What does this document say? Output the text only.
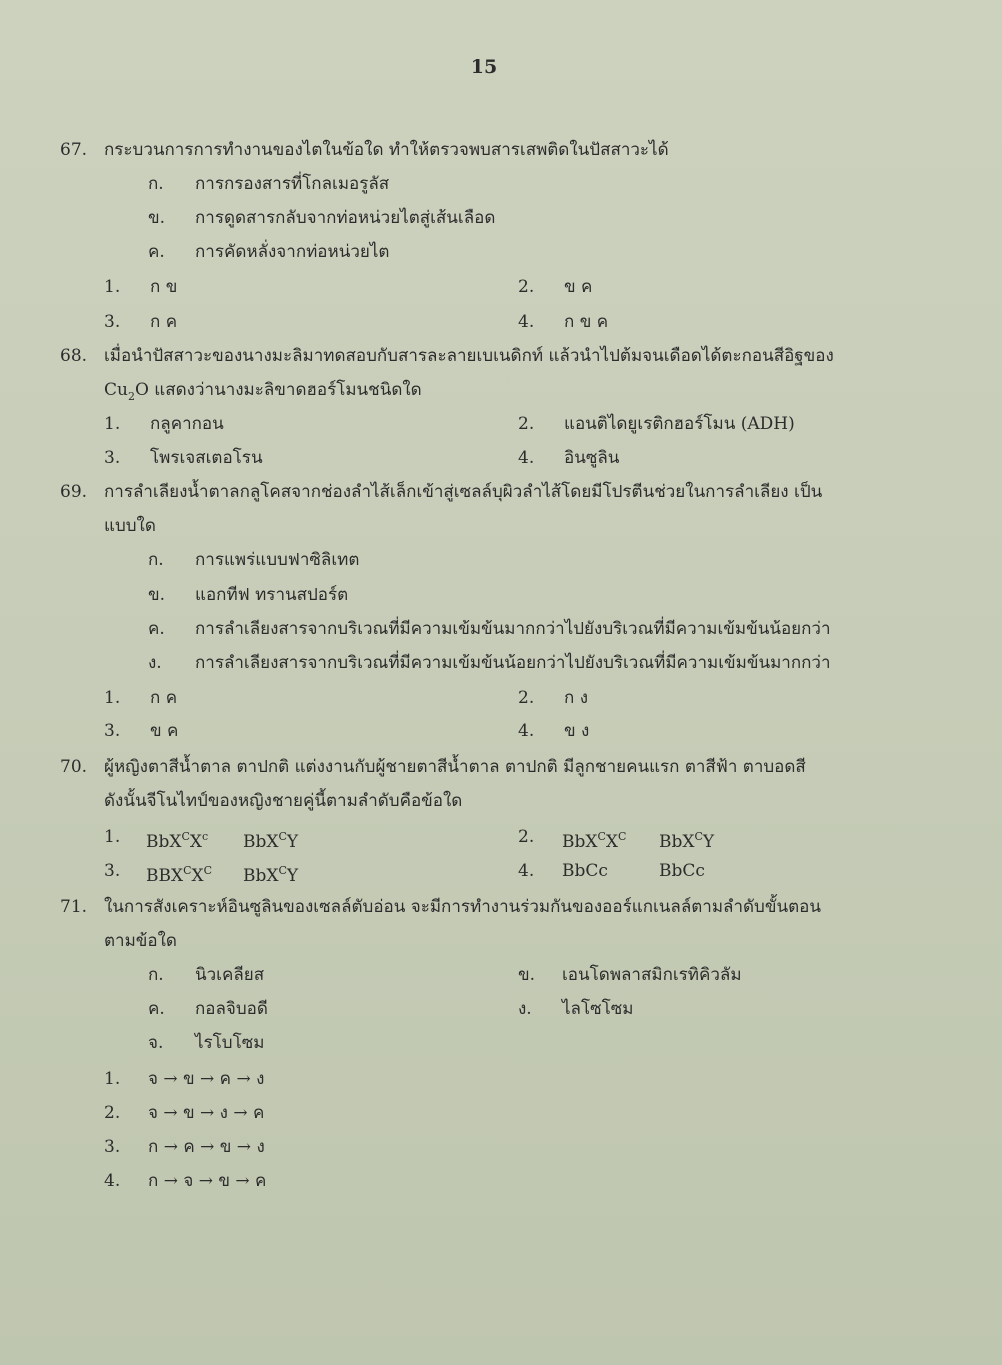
15
67. กระบวนการการทำงานของไตในข้อใด ทำให้ตรวจพบสารเสพติดในปัสสาวะได้
ก. การกรองสารที่โกลเมอรูลัส
ข. การดูดสารกลับจากท่อหน่วยไตสู่เส้นเลือด
ค. การคัดหลั่งจากท่อหน่วยไต
1. ก ข	2. ข ค
3. ก ค	4. ก ข ค
68. เมื่อนำปัสสาวะของนางมะลิมาทดสอบกับสารละลายเบเนดิกท์ แล้วนำไปต้มจนเดือดได้ตะกอนสีอิฐของ
$Cu_2O$ แสดงว่านางมะลิขาดฮอร์โมนชนิดใด
1. กลูคากอน	2. แอนติไดยูเรติกฮอร์โมน (ADH)
3. โพรเจสเตอโรน	4. อินซูลิน
69. การลำเลียงน้ำตาลกลูโคสจากช่องลำไส้เล็กเข้าสู่เซลล์บุผิวลำไส้โดยมีโปรตีนช่วยในการลำเลียง เป็น
แบบใด
ก. การแพร่แบบฟาซิลิเทต
ข. แอกทีฟ ทรานสปอร์ต
ค. การลำเลียงสารจากบริเวณที่มีความเข้มข้นมากกว่าไปยังบริเวณที่มีความเข้มข้นน้อยกว่า
ง. การลำเลียงสารจากบริเวณที่มีความเข้มข้นน้อยกว่าไปยังบริเวณที่มีความเข้มข้นมากกว่า
1. ก ค	2. ก ง
3. ข ค	4. ข ง
70. ผู้หญิงตาสีน้ำตาล ตาปกติ แต่งงานกับผู้ชายตาสีน้ำตาล ตาปกติ มีลูกชายคนแรก ตาสีฟ้า ตาบอดสี
ดังนั้นจีโนไทป์ของหญิงชายคู่นี้ตามลำดับคือข้อใด
1. $BbX^CX^c$ BbX$^C$Y	2. $BbX^CX^C$ BbX$^C$Y
3. $BBX^CX^C$ BbX$^C$Y	4. BbCc	BbCc
71. ในการสังเคราะห์อินซูลินของเซลล์ตับอ่อน จะมีการทำงานร่วมกันของออร์แกเนลล์ตามลำดับขั้นตอน
ตามข้อใด
ก. นิวเคลียส	ข. เอนโดพลาสมิกเรทิคิวลัม
ค. กอลจิบอดี	ง. ไลโซโซม
จ. ไรโบโซม
1. จ → ข → ค → ง
2. จ → ข → ง → ค
3. ก → ค → ข → ง
4. ก → จ → ข → ค
